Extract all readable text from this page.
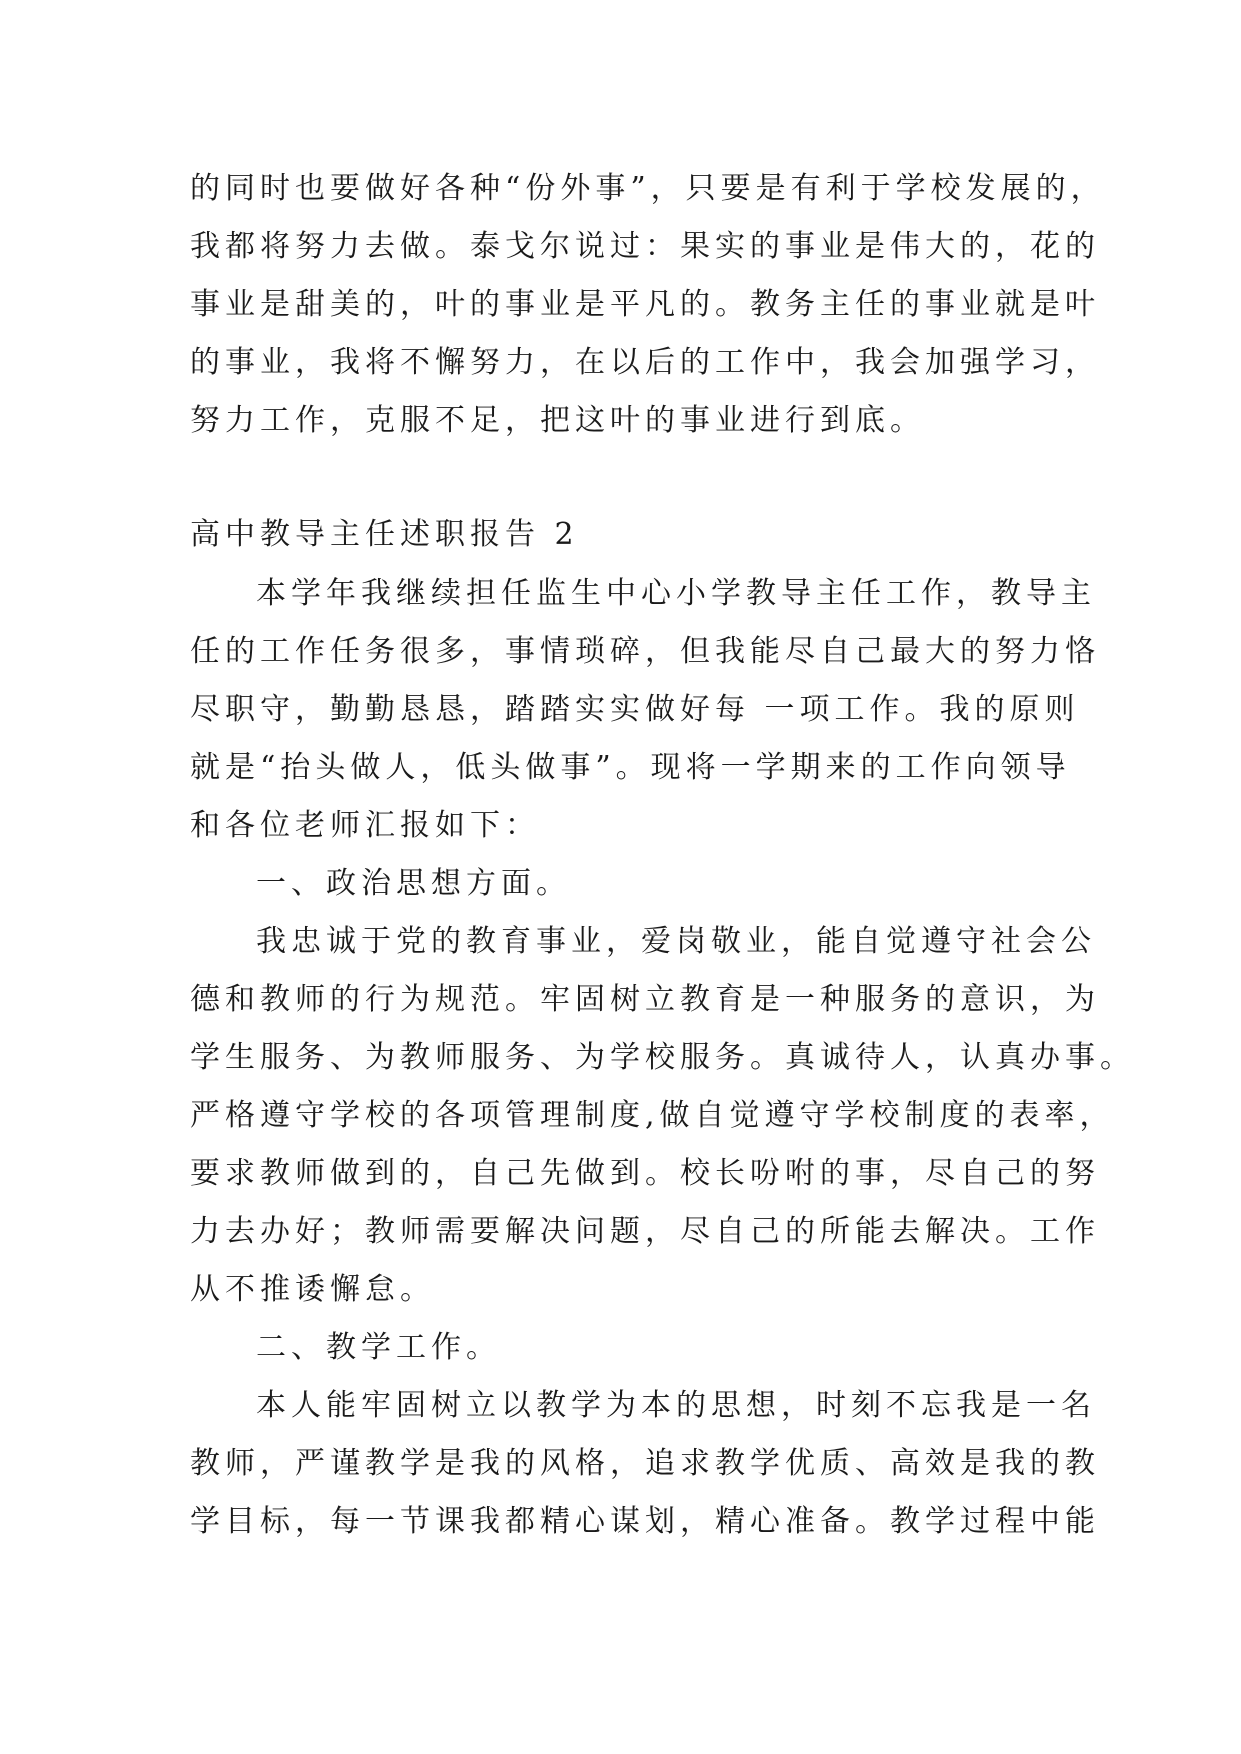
的同时也要做好各种“份外事”，只要是有利于学校发展的，
我都将努力去做。泰戈尔说过：果实的事业是伟大的，花的
事业是甜美的，叶的事业是平凡的。教务主任的事业就是叶
的事业，我将不懈努力，在以后的工作中，我会加强学习，
努力工作，克服不足，把这叶的事业进行到底。
高中教导主任述职报告 2
本学年我继续担任监生中心小学教导主任工作，教导主
任的工作任务很多，事情琐碎，但我能尽自己最大的努力恪
尽职守，勤勤恳恳，踏踏实实做好每 一项工作。我的原则
就是“抬头做人，低头做事”。现将一学期来的工作向领导
和各位老师汇报如下：
一、政治思想方面。
我忠诚于党的教育事业，爱岗敬业，能自觉遵守社会公
德和教师的行为规范。牢固树立教育是一种服务的意识，为
学生服务、为教师服务、为学校服务。真诚待人，认真办事。
严格遵守学校的各项管理制度,做自觉遵守学校制度的表率，
要求教师做到的，自己先做到。校长吩咐的事，尽自己的努
力去办好；教师需要解决问题，尽自己的所能去解决。工作
从不推诿懈怠。
二、教学工作。
本人能牢固树立以教学为本的思想，时刻不忘我是一名
教师，严谨教学是我的风格，追求教学优质、高效是我的教
学目标，每一节课我都精心谋划，精心准备。教学过程中能
